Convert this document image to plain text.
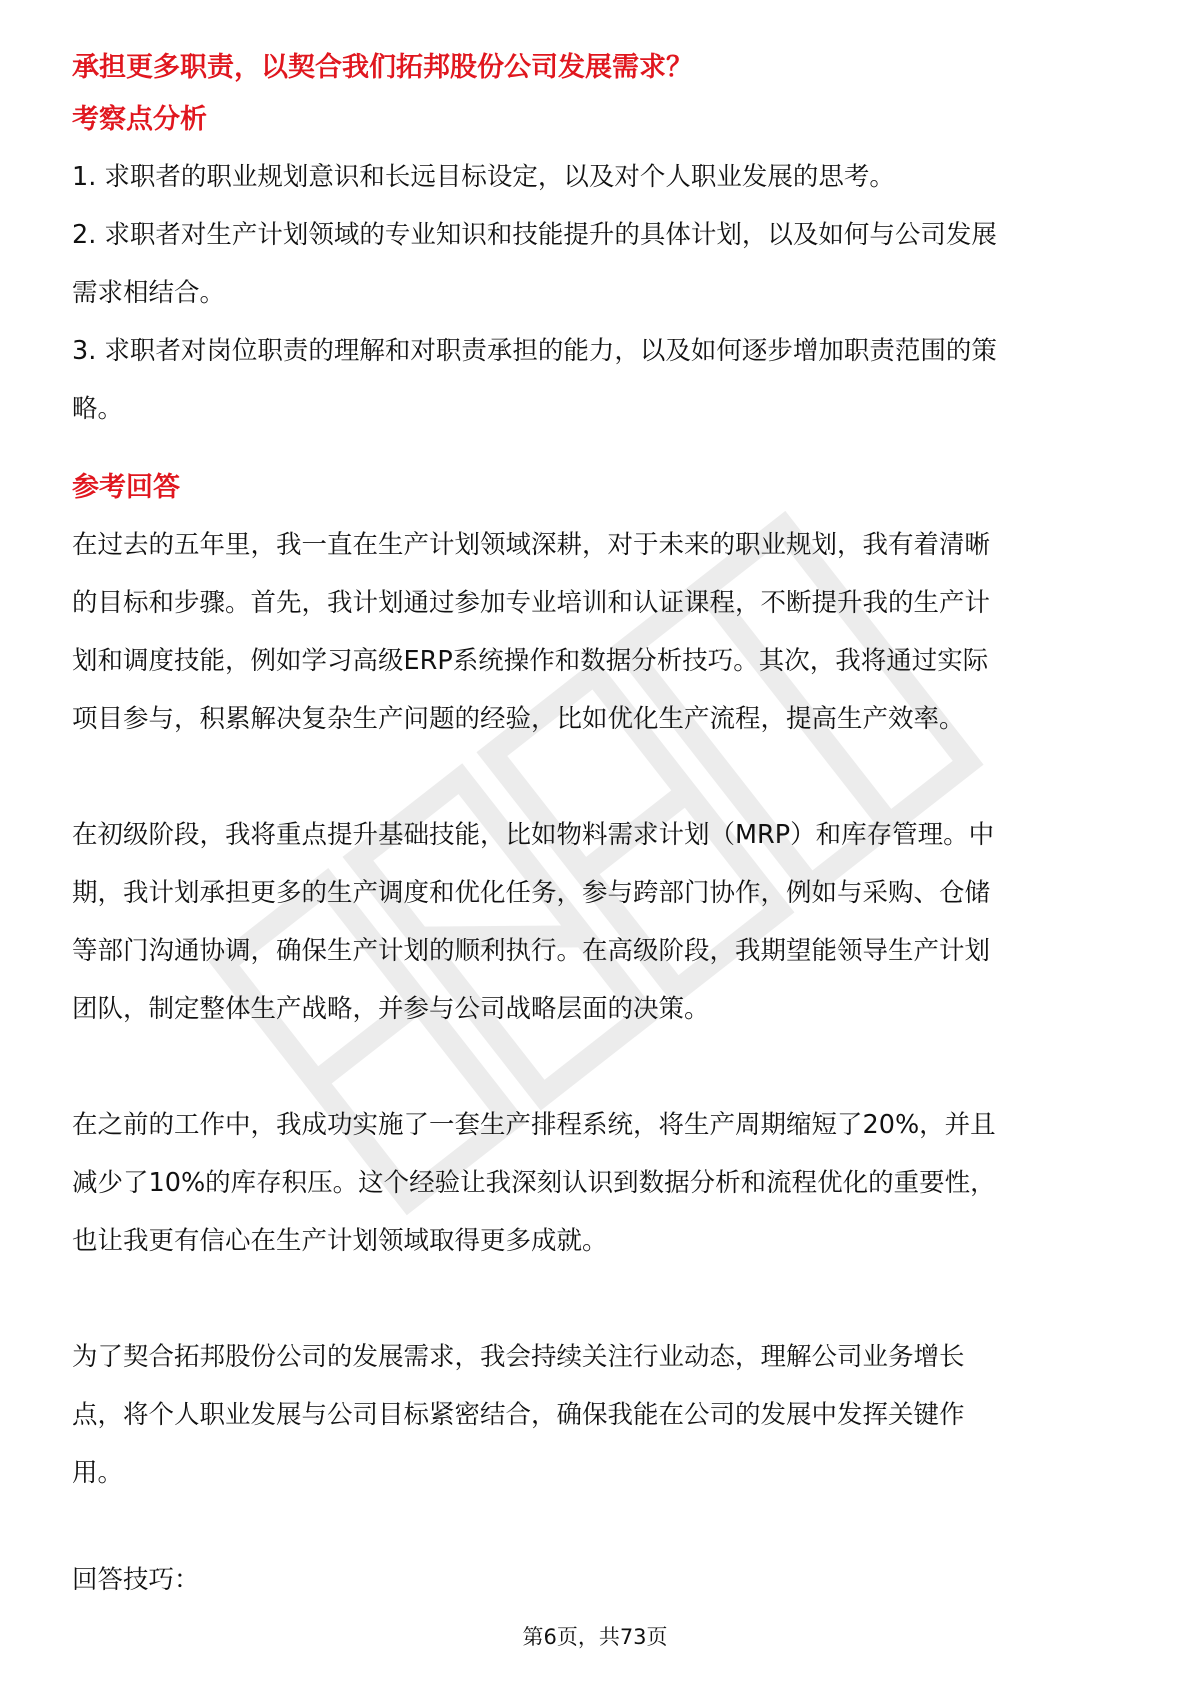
承担更多职责，以契合我们拓邦股份公司发展需求？
考察点分析
1. 求职者的职业规划意识和长远目标设定，以及对个人职业发展的思考。
2. 求职者对生产计划领域的专业知识和技能提升的具体计划，以及如何与公司发展
需求相结合。
3. 求职者对岗位职责的理解和对职责承担的能力，以及如何逐步增加职责范围的策
略。
参考回答
在过去的五年里，我一直在生产计划领域深耕，对于未来的职业规划，我有着清晰
的目标和步骤。首先，我计划通过参加专业培训和认证课程，不断提升我的生产计
划和调度技能，例如学习高级ERP系统操作和数据分析技巧。其次，我将通过实际
项目参与，积累解决复杂生产问题的经验，比如优化生产流程，提高生产效率。
在初级阶段，我将重点提升基础技能，比如物料需求计划（MRP）和库存管理。中
期，我计划承担更多的生产调度和优化任务，参与跨部门协作，例如与采购、仓储
等部门沟通协调，确保生产计划的顺利执行。在高级阶段，我期望能领导生产计划
团队，制定整体生产战略，并参与公司战略层面的决策。
在之前的工作中，我成功实施了一套生产排程系统，将生产周期缩短了20%，并且
减少了10%的库存积压。这个经验让我深刻认识到数据分析和流程优化的重要性，
也让我更有信心在生产计划领域取得更多成就。
为了契合拓邦股份公司的发展需求，我会持续关注行业动态，理解公司业务增长
点，将个人职业发展与公司目标紧密结合，确保我能在公司的发展中发挥关键作
用。
回答技巧：
第6页，共73页
